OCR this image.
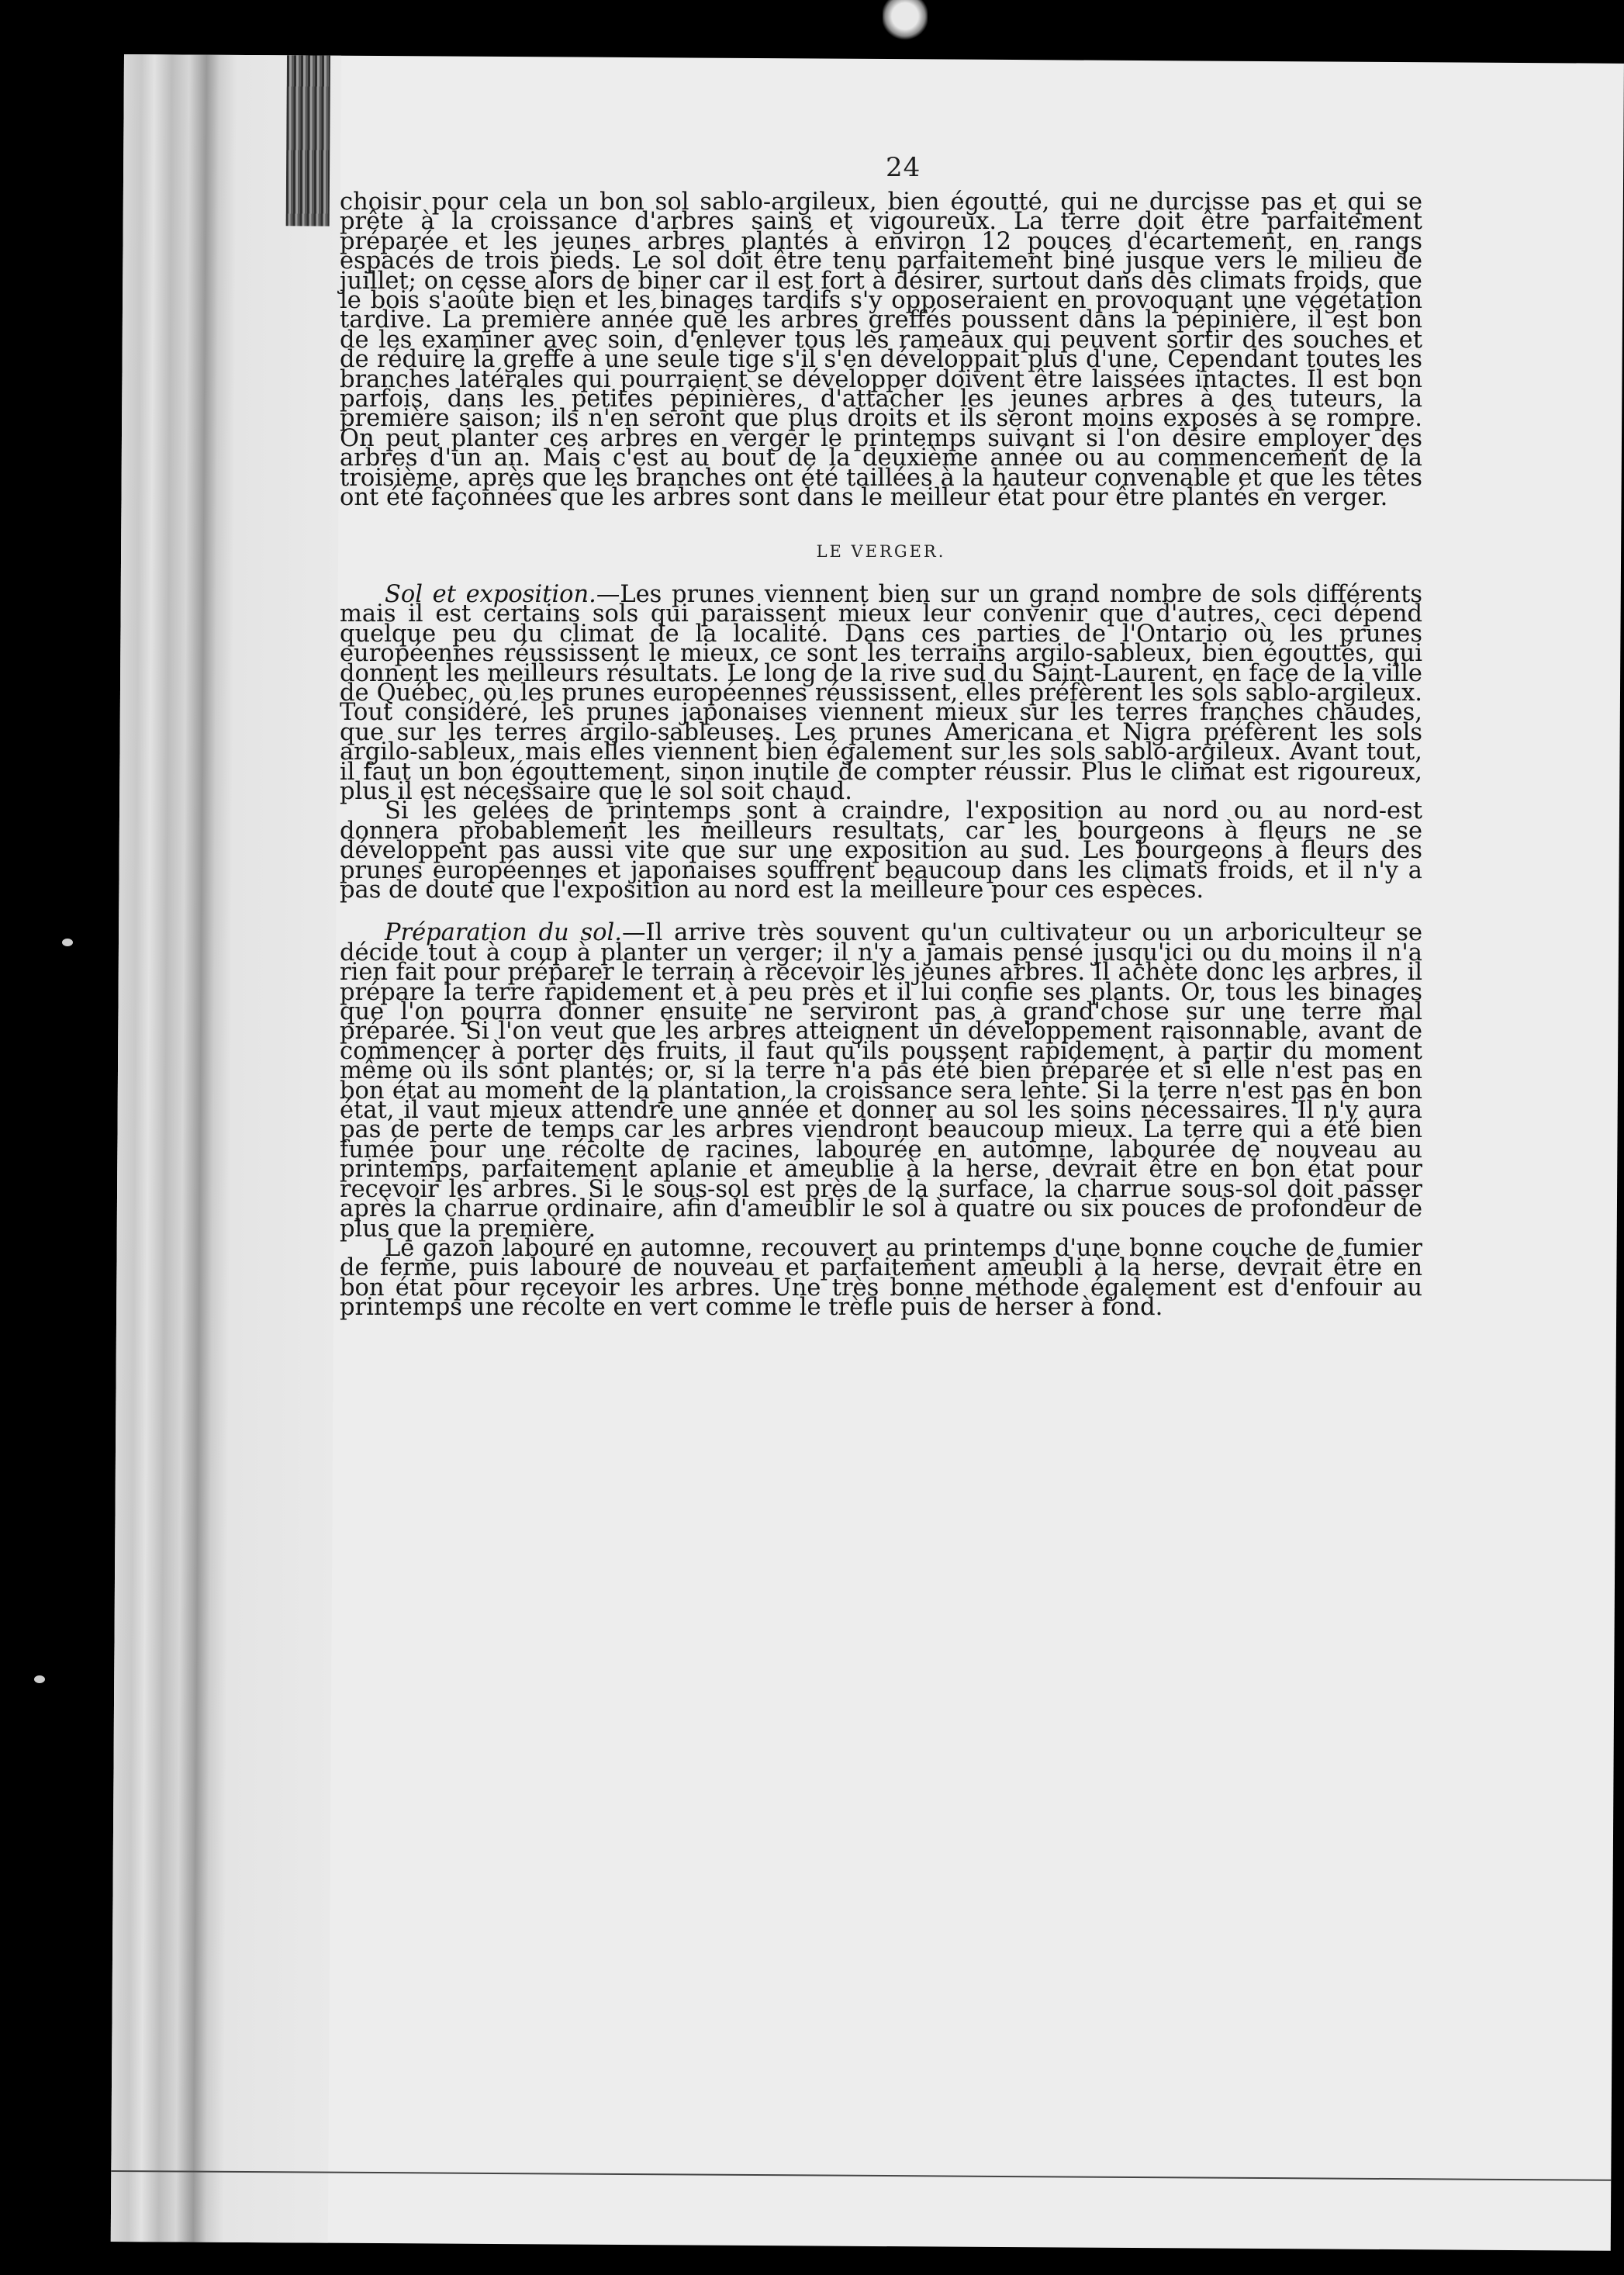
24

choisir pour cela un bon sol sablo-argileux, bien égoutté, qui ne durcisse pas et qui se prête à la croissance d'arbres sains et vigoureux. La terre doit être parfaitement préparée et les jeunes arbres plantés à environ 12 pouces d'écartement, en rangs espacés de trois pieds. Le sol doit être tenu parfaitement biné jusque vers le milieu de juillet; on cesse alors de biner car il est fort à désirer, surtout dans des climats froids, que le bois s'aoûte bien et les binages tardifs s'y opposeraient en provoquant une végétation tardive. La première année que les arbres greffés poussent dans la pépinière, il est bon de les examiner avec soin, d'enlever tous les rameaux qui peuvent sortir des souches et de réduire la greffe à une seule tige s'il s'en développait plus d'une. Cependant toutes les branches latérales qui pourraient se développer doivent être laissées intactes. Il est bon parfois, dans les petites pépinières, d'attacher les jeunes arbres à des tuteurs, la première saison; ils n'en seront que plus droits et ils seront moins exposés à se rompre. On peut planter ces arbres en verger le printemps suivant si l'on désire employer des arbres d'un an. Mais c'est au bout de la deuxième année ou au commencement de la troisième, après que les branches ont été taillées à la hauteur convenable et que les têtes ont été façonnées que les arbres sont dans le meilleur état pour être plantés en verger.

LE VERGER.

Sol et exposition.—Les prunes viennent bien sur un grand nombre de sols différents mais il est certains sols qui paraissent mieux leur convenir que d'autres, ceci dépend quelque peu du climat de la localité. Dans ces parties de l'Ontario où les prunes européennes réussissent le mieux, ce sont les terrains argilo-sableux, bien égouttés, qui donnent les meilleurs résultats. Le long de la rive sud du Saint-Laurent, en face de la ville de Québec, où les prunes européennes réussissent, elles préfèrent les sols sablo-argileux. Tout considéré, les prunes japonaises viennent mieux sur les terres franches chaudes, que sur les terres argilo-sableuses. Les prunes Americana et Nigra préfèrent les sols argilo-sableux, mais elles viennent bien également sur les sols sablo-argileux. Avant tout, il faut un bon égouttement, sinon inutile de compter réussir. Plus le climat est rigoureux, plus il est nécessaire que le sol soit chaud.

Si les gelées de printemps sont à craindre, l'exposition au nord ou au nord-est donnera probablement les meilleurs resultats, car les bourgeons à fleurs ne se développent pas aussi vite que sur une exposition au sud. Les bourgeons à fleurs des prunes européennes et japonaises souffrent beaucoup dans les climats froids, et il n'y a pas de doute que l'exposition au nord est la meilleure pour ces espèces.

Préparation du sol.—Il arrive très souvent qu'un cultivateur ou un arboriculteur se décide tout à coup à planter un verger; il n'y a jamais pensé jusqu'ici ou du moins il n'a rien fait pour préparer le terrain à recevoir les jeunes arbres. Il achète donc les arbres, il prépare la terre rapidement et à peu près et il lui confie ses plants. Or, tous les binages que l'on pourra donner ensuite ne serviront pas à grand'chose sur une terre mal préparée. Si l'on veut que les arbres atteignent un développement raisonnable, avant de commencer à porter des fruits, il faut qu'ils poussent rapidement, à partir du moment même où ils sont plantés; or, si la terre n'a pas été bien préparée et si elle n'est pas en bon état au moment de la plantation, la croissance sera lente. Si la terre n'est pas en bon état, il vaut mieux attendre une année et donner au sol les soins nécessaires. Il n'y aura pas de perte de temps car les arbres viendront beaucoup mieux. La terre qui a été bien fumée pour une récolte de racines, labourée en automne, labourée de nouveau au printemps, parfaitement aplanie et ameublie à la herse, devrait être en bon état pour recevoir les arbres. Si le sous-sol est près de la surface, la charrue sous-sol doit passer après la charrue ordinaire, afin d'ameublir le sol à quatre ou six pouces de profondeur de plus que la première.

Le gazon labouré en automne, recouvert au printemps d'une bonne couche de fumier de ferme, puis labouré de nouveau et parfaitement ameubli à la herse, devrait être en bon état pour recevoir les arbres. Une très bonne méthode également est d'enfouir au printemps une récolte en vert comme le trèfle puis de herser à fond.
